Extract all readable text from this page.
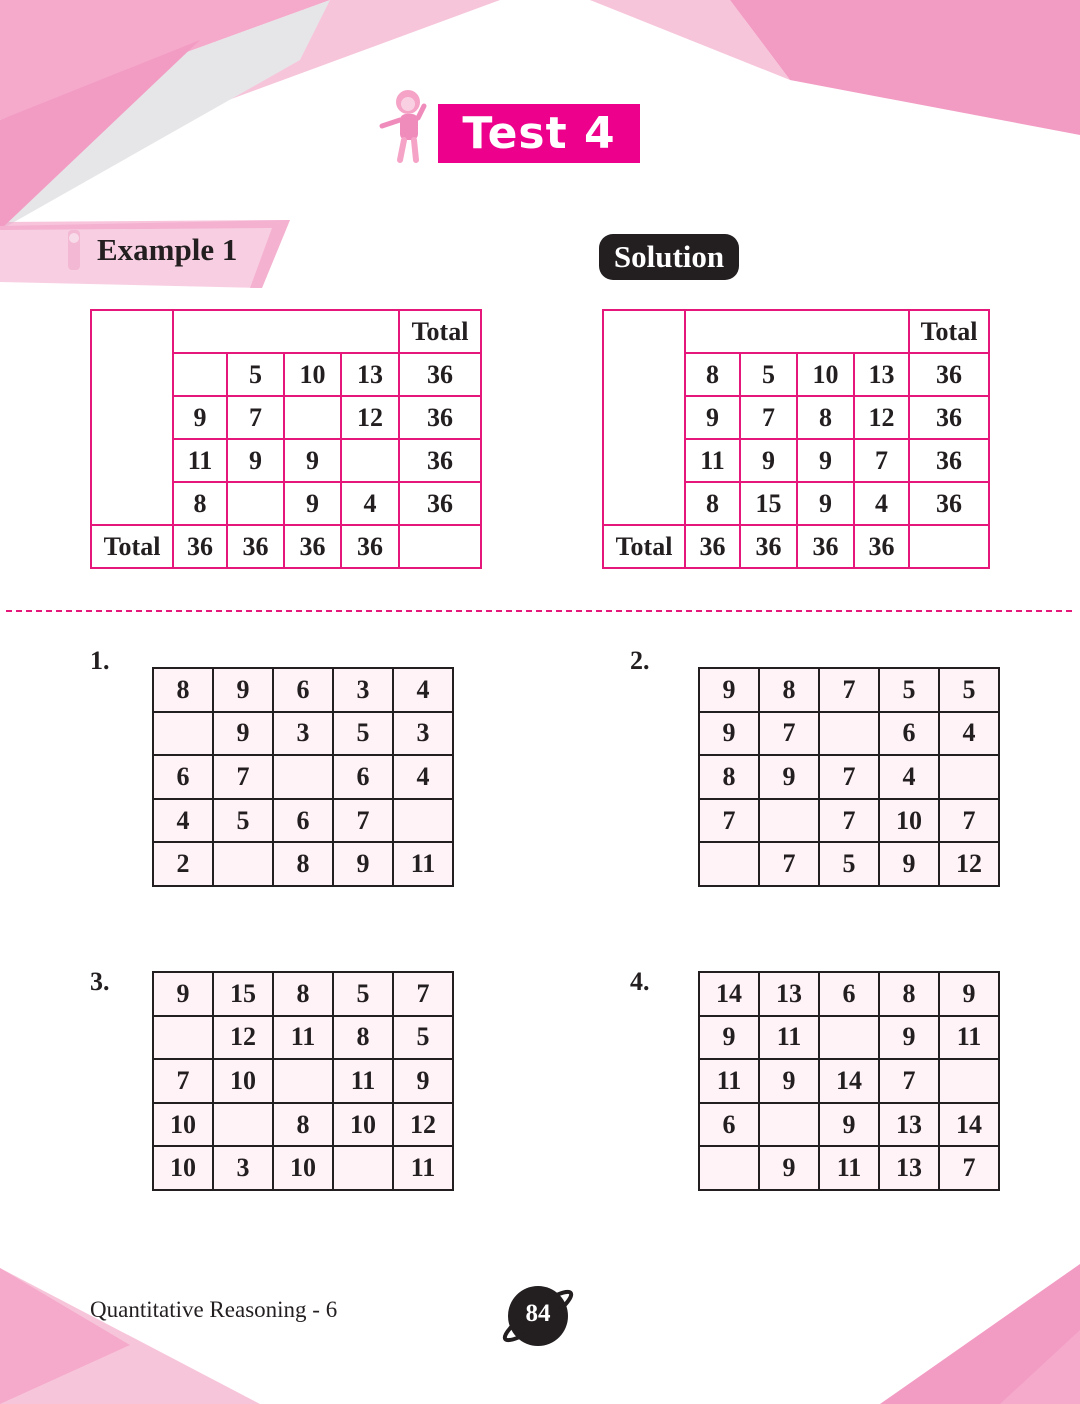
Test 4
Example 1	Solution
					Total
		5	10	13	36
	9	7		12	36
	11	9	9		36
	8		9	4	36
Total	36	36	36	36	
					Total
	8	5	10	13	36
	9	7	8	12	36
	11	9	9	7	36
	8	15	9	4	36
Total	36	36	36	36	
1.	2.
3.	4.
8	9	6	3	4
	9	3	5	3
6	7		6	4
4	5	6	7	
2		8	9	11
9	8	7	5	5
9	7		6	4
8	9	7	4	
7		7	10	7
	7	5	9	12
9	15	8	5	7
	12	11	8	5
7	10		11	9
10		8	10	12
10	3	10		11
14	13	6	8	9
9	11		9	11
11	9	14	7	
6		9	13	14
	9	11	13	7
Quantitative Reasoning - 6	84
